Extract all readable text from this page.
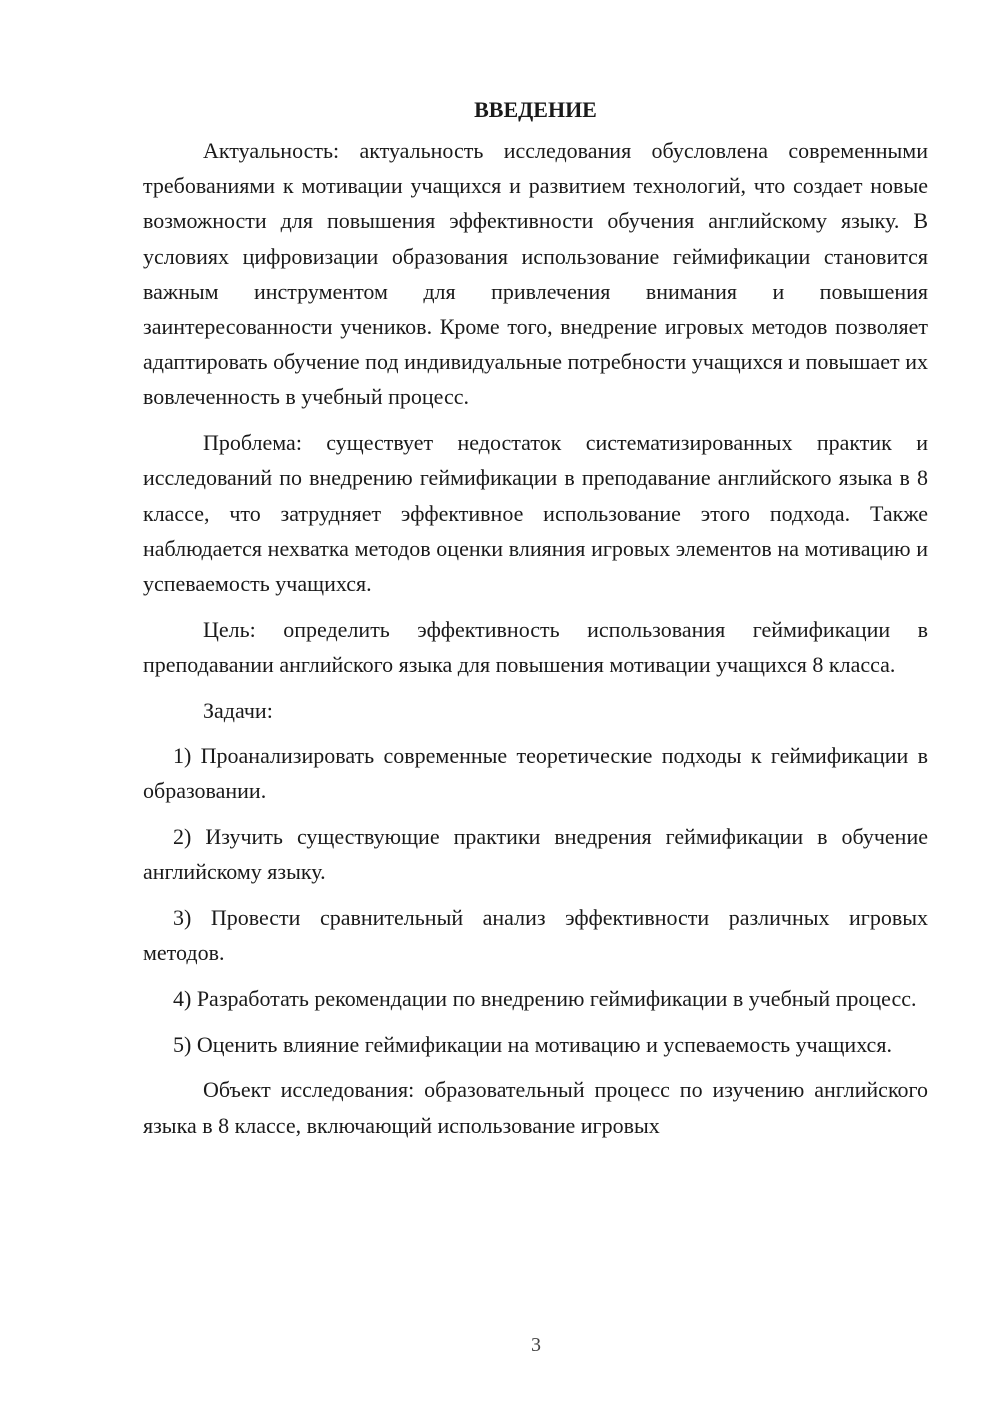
ВВЕДЕНИЕ

Актуальность: актуальность исследования обусловлена современными требованиями к мотивации учащихся и развитием технологий, что создает новые возможности для повышения эффективности обучения английскому языку. В условиях цифровизации образования использование геймификации становится важным инструментом для привлечения внимания и повышения заинтересованности учеников. Кроме того, внедрение игровых методов позволяет адаптировать обучение под индивидуальные потребности учащихся и повышает их вовлеченность в учебный процесс.

Проблема: существует недостаток систематизированных практик и исследований по внедрению геймификации в преподавание английского языка в 8 классе, что затрудняет эффективное использование этого подхода. Также наблюдается нехватка методов оценки влияния игровых элементов на мотивацию и успеваемость учащихся.

Цель: определить эффективность использования геймификации в преподавании английского языка для повышения мотивации учащихся 8 класса.

Задачи:

1) Проанализировать современные теоретические подходы к геймификации в образовании.

2) Изучить существующие практики внедрения геймификации в обучение английскому языку.

3) Провести сравнительный анализ эффективности различных игровых методов.

4) Разработать рекомендации по внедрению геймификации в учебный процесс.

5) Оценить влияние геймификации на мотивацию и успеваемость учащихся.

Объект исследования: образовательный процесс по изучению английского языка в 8 классе, включающий использование игровых

3
